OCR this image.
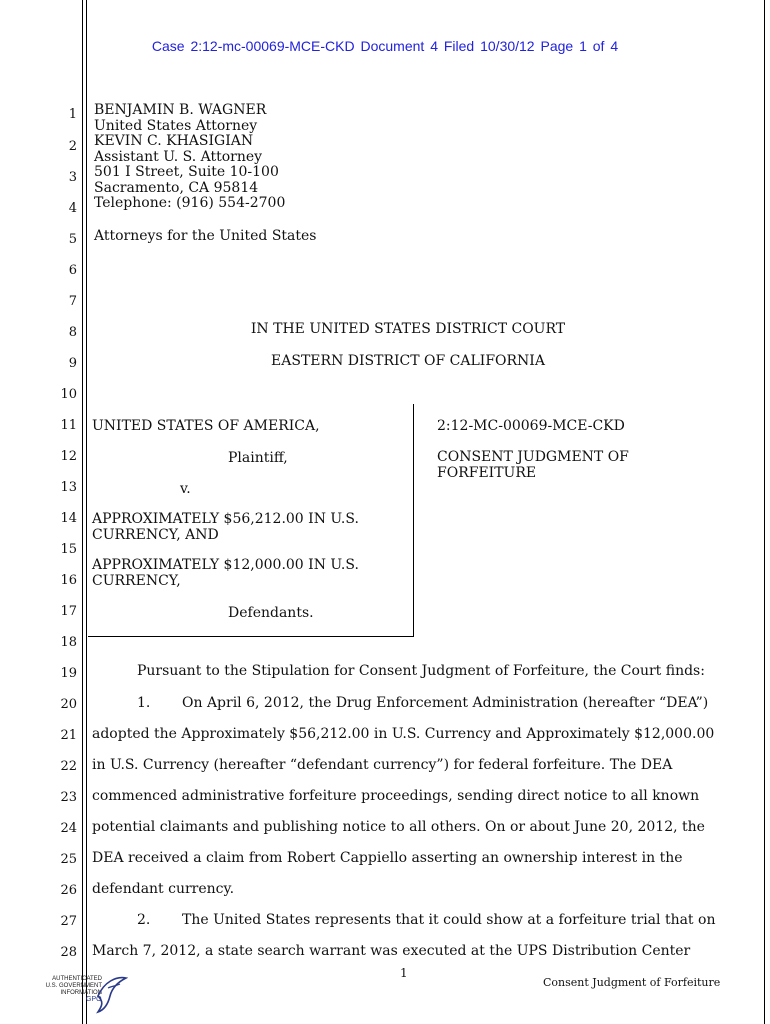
Case 2:12-mc-00069-MCE-CKD Document 4 Filed 10/30/12 Page 1 of 4
1
2
3
4
5
6
7
8
9
10
11
12
13
14
15
16
17
18
19
20
21
22
23
24
25
26
27
28
BENJAMIN B. WAGNER
United States Attorney
KEVIN C. KHASIGIAN
Assistant U. S. Attorney
501 I Street, Suite 10-100
Sacramento, CA 95814
Telephone: (916) 554-2700
Attorneys for the United States
IN THE UNITED STATES DISTRICT COURT
EASTERN DISTRICT OF CALIFORNIA
UNITED STATES OF AMERICA,
Plaintiff,
v.
APPROXIMATELY $56,212.00 IN U.S.
CURRENCY, AND
APPROXIMATELY $12,000.00 IN U.S.
CURRENCY,
Defendants.
2:12-MC-00069-MCE-CKD
CONSENT JUDGMENT OF
FORFEITURE
Pursuant to the Stipulation for Consent Judgment of Forfeiture, the Court finds:
1. On April 6, 2012, the Drug Enforcement Administration (hereafter “DEA”)
adopted the Approximately $56,212.00 in U.S. Currency and Approximately $12,000.00
in U.S. Currency (hereafter “defendant currency”) for federal forfeiture. The DEA
commenced administrative forfeiture proceedings, sending direct notice to all known
potential claimants and publishing notice to all others. On or about June 20, 2012, the
DEA received a claim from Robert Cappiello asserting an ownership interest in the
defendant currency.
2. The United States represents that it could show at a forfeiture trial that on
March 7, 2012, a state search warrant was executed at the UPS Distribution Center
1
Consent Judgment of Forfeiture
AUTHENTICATED
U.S. GOVERNMENT
INFORMATION
GPO
